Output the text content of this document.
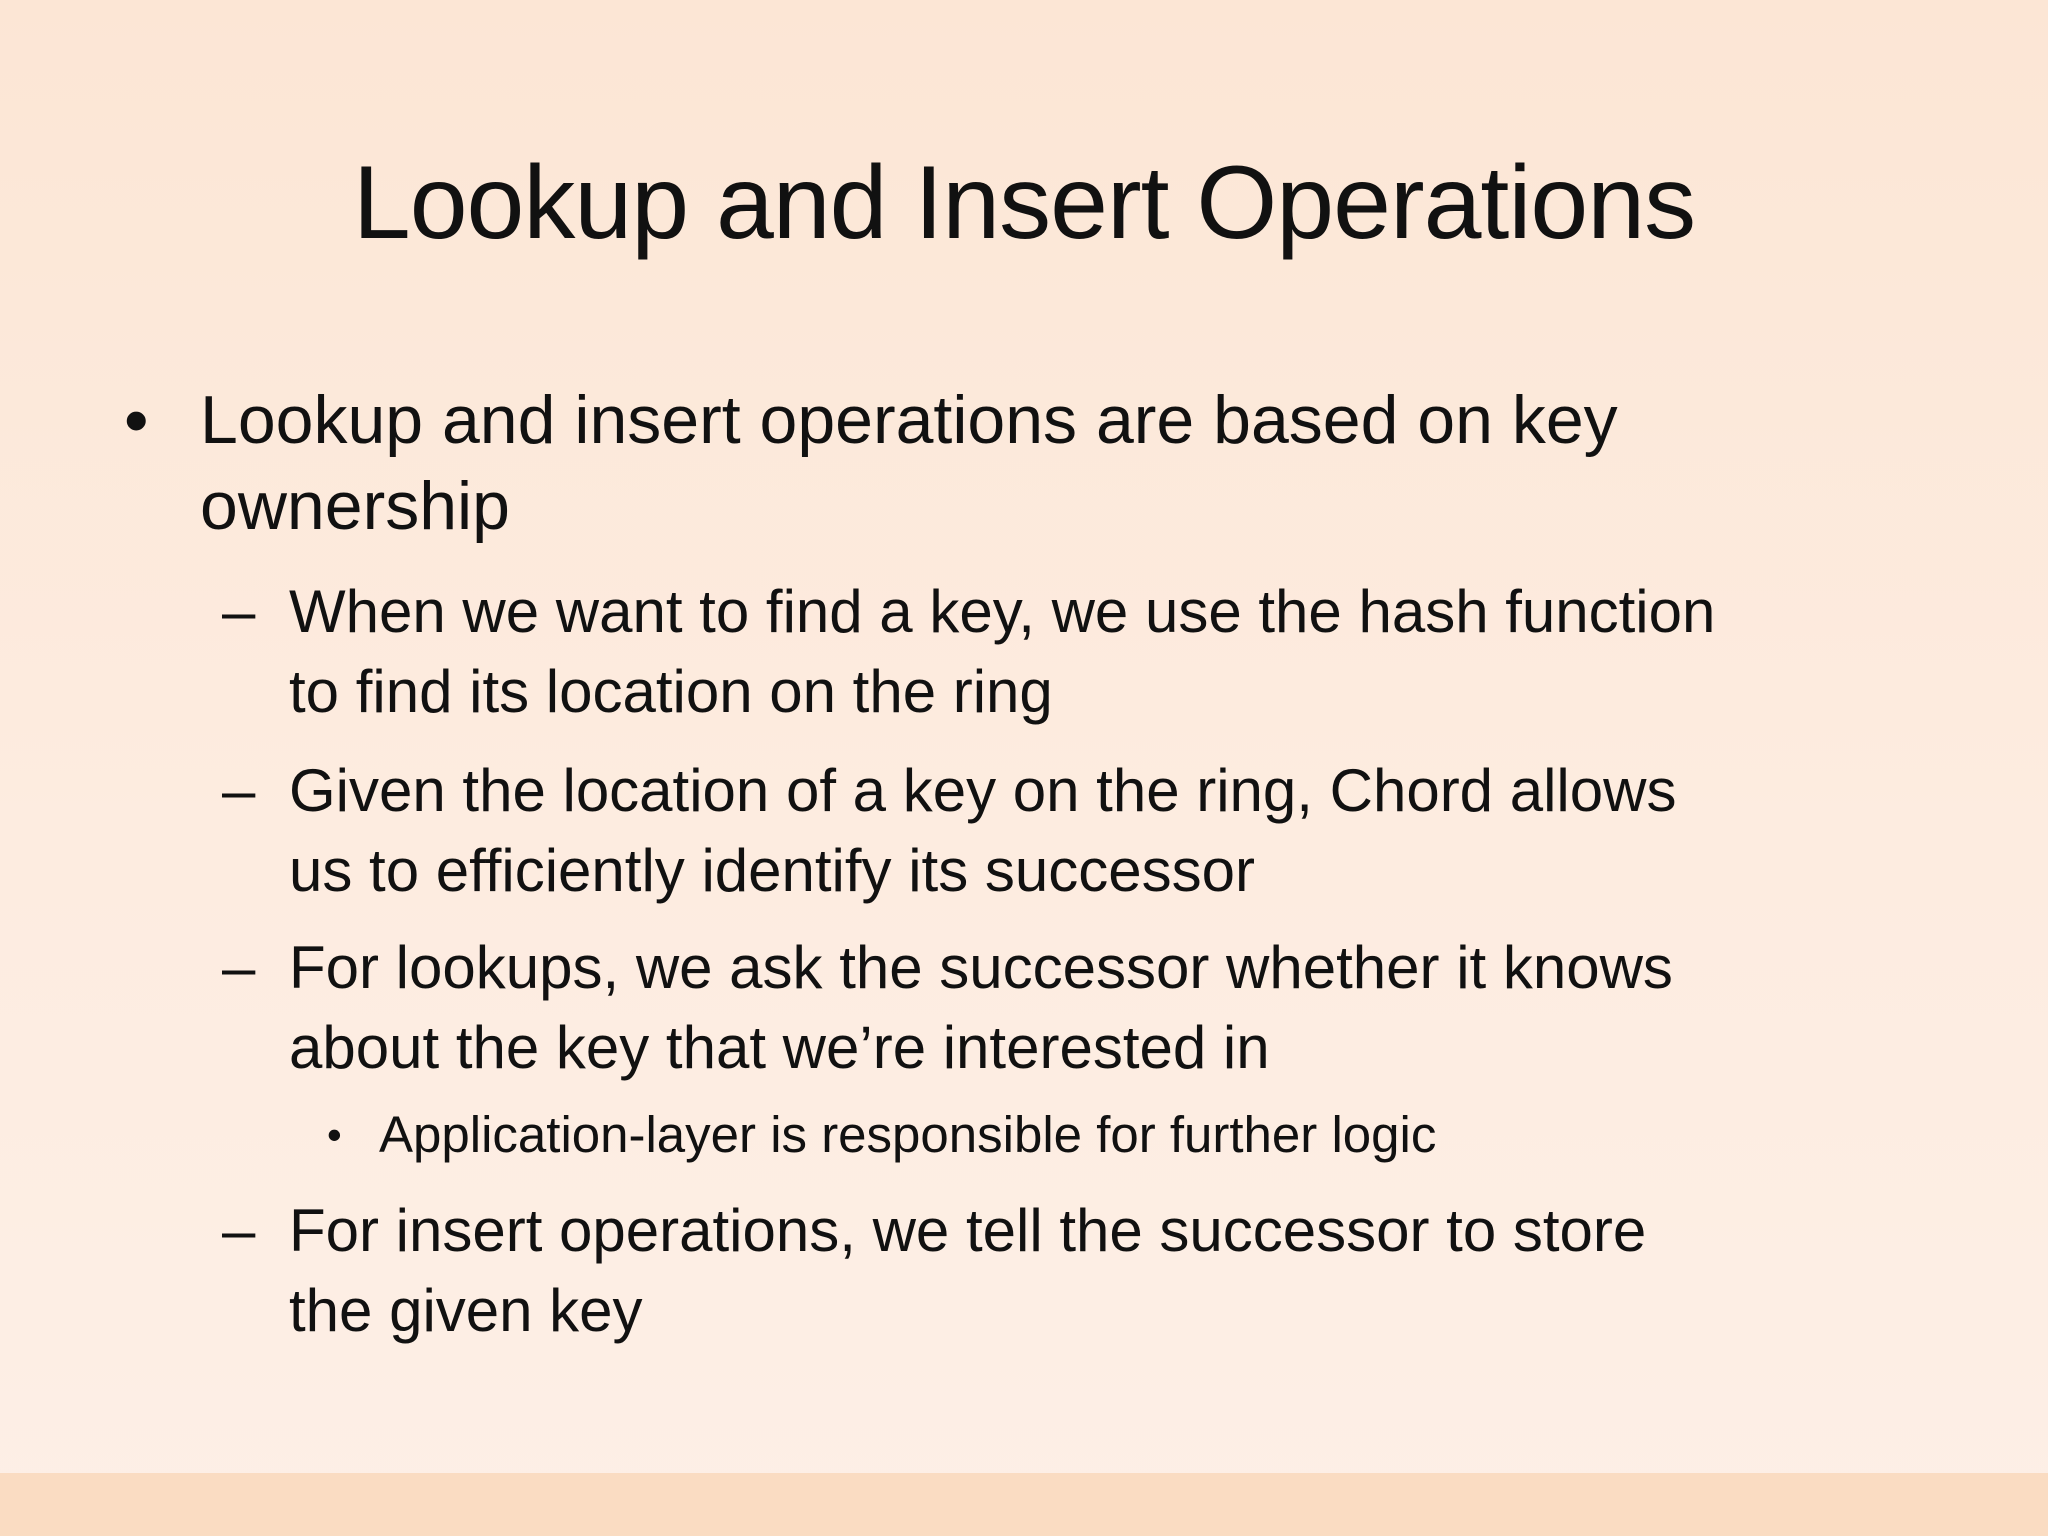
Lookup and Insert Operations
• Lookup and insert operations are based on key
ownership
– When we want to find a key, we use the hash function
to find its location on the ring
– Given the location of a key on the ring, Chord allows
us to efficiently identify its successor
– For lookups, we ask the successor whether it knows
about the key that we’re interested in
• Application-layer is responsible for further logic
– For insert operations, we tell the successor to store
the given key
